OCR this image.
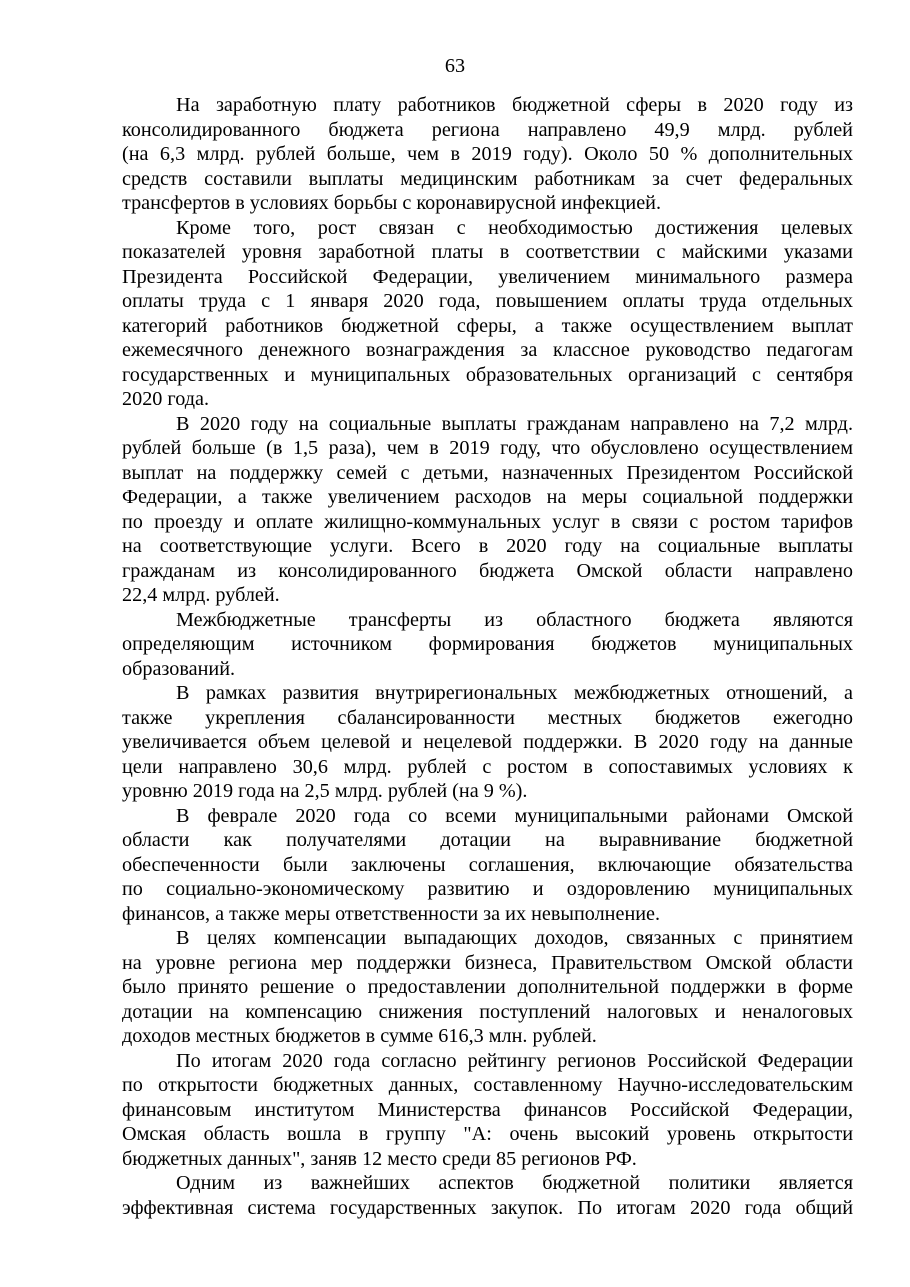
63
На заработную плату работников бюджетной сферы в 2020 году из
консолидированного бюджета региона направлено 49,9 млрд. рублей
(на 6,3 млрд. рублей больше, чем в 2019 году). Около 50 % дополнительных
средств составили выплаты медицинским работникам за счет федеральных
трансфертов в условиях борьбы с коронавирусной инфекцией.
Кроме того, рост связан с необходимостью достижения целевых
показателей уровня заработной платы в соответствии с майскими указами
Президента Российской Федерации, увеличением минимального размера
оплаты труда с 1 января 2020 года, повышением оплаты труда отдельных
категорий работников бюджетной сферы, а также осуществлением выплат
ежемесячного денежного вознаграждения за классное руководство педагогам
государственных и муниципальных образовательных организаций с сентября
2020 года.
В 2020 году на социальные выплаты гражданам направлено на 7,2 млрд.
рублей больше (в 1,5 раза), чем в 2019 году, что обусловлено осуществлением
выплат на поддержку семей с детьми, назначенных Президентом Российской
Федерации, а также увеличением расходов на меры социальной поддержки
по проезду и оплате жилищно-коммунальных услуг в связи с ростом тарифов
на соответствующие услуги. Всего в 2020 году на социальные выплаты
гражданам из консолидированного бюджета Омской области направлено
22,4 млрд. рублей.
Межбюджетные трансферты из областного бюджета являются
определяющим источником формирования бюджетов муниципальных
образований.
В рамках развития внутрирегиональных межбюджетных отношений, а
также укрепления сбалансированности местных бюджетов ежегодно
увеличивается объем целевой и нецелевой поддержки. В 2020 году на данные
цели направлено 30,6 млрд. рублей с ростом в сопоставимых условиях к
уровню 2019 года на 2,5 млрд. рублей (на 9 %).
В феврале 2020 года со всеми муниципальными районами Омской
области как получателями дотации на выравнивание бюджетной
обеспеченности были заключены соглашения, включающие обязательства
по социально-экономическому развитию и оздоровлению муниципальных
финансов, а также меры ответственности за их невыполнение.
В целях компенсации выпадающих доходов, связанных с принятием
на уровне региона мер поддержки бизнеса, Правительством Омской области
было принято решение о предоставлении дополнительной поддержки в форме
дотации на компенсацию снижения поступлений налоговых и неналоговых
доходов местных бюджетов в сумме 616,3 млн. рублей.
По итогам 2020 года согласно рейтингу регионов Российской Федерации
по открытости бюджетных данных, составленному Научно-исследовательским
финансовым институтом Министерства финансов Российской Федерации,
Омская область вошла в группу "А: очень высокий уровень открытости
бюджетных данных", заняв 12 место среди 85 регионов РФ.
Одним из важнейших аспектов бюджетной политики является
эффективная система государственных закупок. По итогам 2020 года общий
